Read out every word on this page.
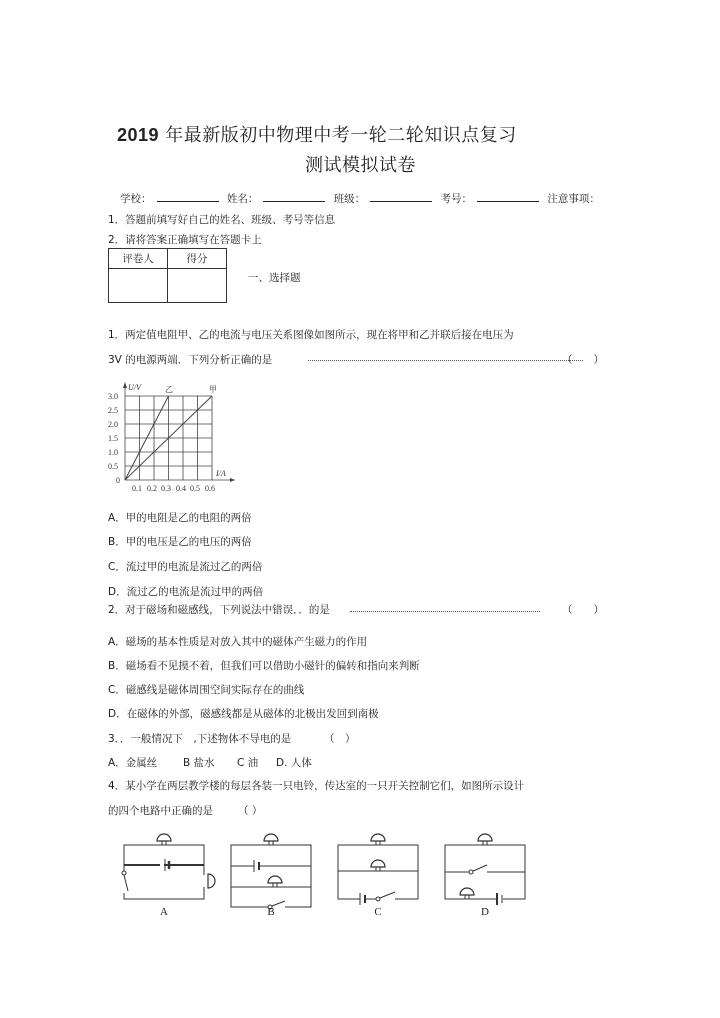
2019 年最新版初中物理中考一轮二轮知识点复习
测试模拟试卷
学校：	姓名：	班级：	考号：	注意事项：
1．答题前填写好自己的姓名、班级、考号等信息
2．请将答案正确填写在答题卡上
评卷人	得分

一、选择题
1．两定值电阻甲、乙的电流与电压关系图像如图所示，现在将甲和乙并联后接在电压为
3V 的电源两端．下列分析正确的是	（　　）
U/V	乙	甲
I/A
0
3.0
2.5
2.0
1.5
1.0
0.5
0.1 0.2 0.3 0.4 0.5 0.6
A．甲的电阻是乙的电阻的两倍
B．甲的电压是乙的电压的两倍
C．流过甲的电流是流过乙的两倍
D．流过乙的电流是流过甲的两倍
2．对于磁场和磁感线，下列说法中错误．．的是	（　　）
A．磁场的基本性质是对放入其中的磁体产生磁力的作用
B．磁场看不见摸不着，但我们可以借助小磁针的偏转和指向来判断
C．磁感线是磁体周围空间实际存在的曲线
D．在磁体的外部，磁感线都是从磁体的北极出发回到南极
3．．一般情况下　,下述物体不导电的是	（　）
A．金属丝 B 盐水 C 油 D. 人体
4．某小学在两层教学楼的每层各装一只电铃，传达室的一只开关控制它们，如图所示设计
的四个电路中正确的是 （ ）
A	B	C	D
